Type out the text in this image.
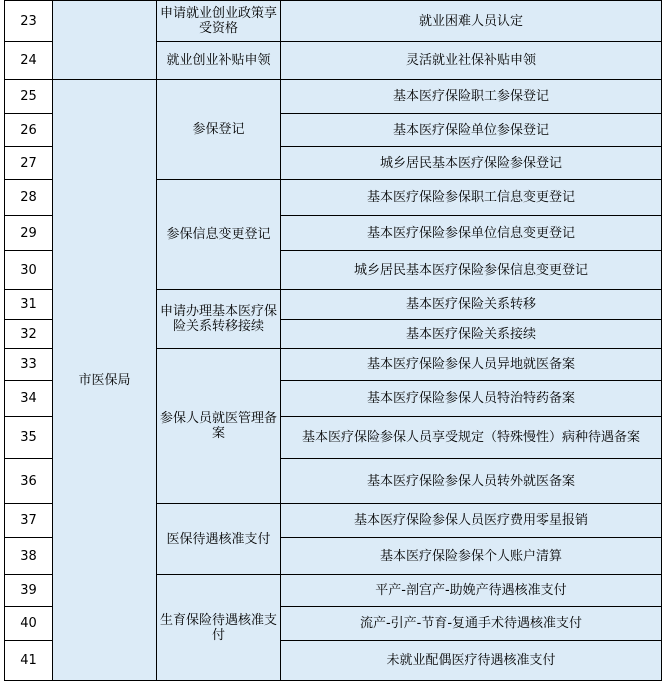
23		申请就业创业政策享受资格	就业困难人员认定
24		就业创业补贴申领	灵活就业社保补贴申领
25	市医保局	参保登记	基本医疗保险职工参保登记
26			基本医疗保险单位参保登记
27			城乡居民基本医疗保险参保登记
28		参保信息变更登记	基本医疗保险参保职工信息变更登记
29			基本医疗保险参保单位信息变更登记
30			城乡居民基本医疗保险参保信息变更登记
31		申请办理基本医疗保险关系转移接续	基本医疗保险关系转移
32			基本医疗保险关系接续
33		参保人员就医管理备案	基本医疗保险参保人员异地就医备案
34			基本医疗保险参保人员特治特药备案
35			基本医疗保险参保人员享受规定（特殊慢性）病种待遇备案
36			基本医疗保险参保人员转外就医备案
37		医保待遇核准支付	基本医疗保险参保人员医疗费用零星报销
38			基本医疗保险参保个人账户清算
39		生育保险待遇核准支付	平产-剖宫产-助娩产待遇核准支付
40			流产-引产-节育-复通手术待遇核准支付
41			未就业配偶医疗待遇核准支付
